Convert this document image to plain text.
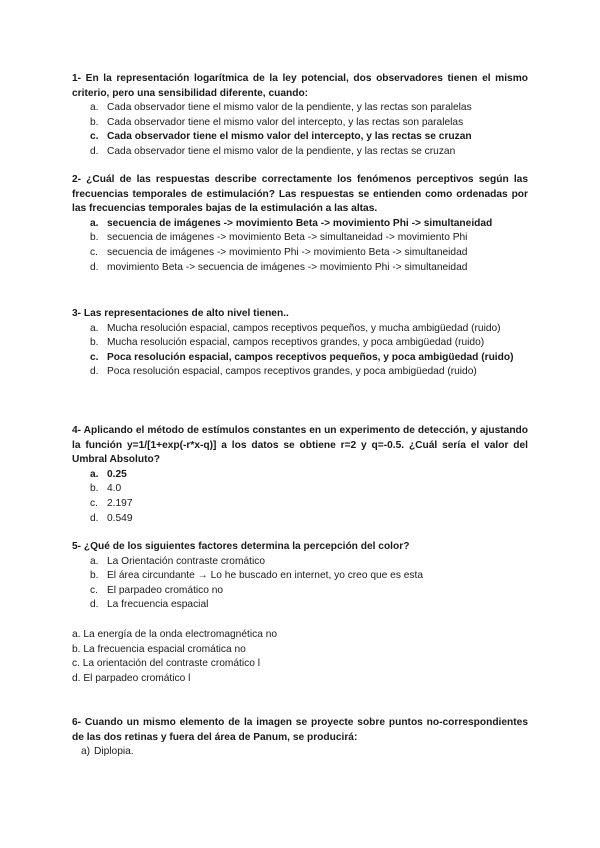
1- En la representación logarítmica de la ley potencial, dos observadores tienen el mismo criterio, pero una sensibilidad diferente, cuando:
a. Cada observador tiene el mismo valor de la pendiente, y las rectas son paralelas
b. Cada observador tiene el mismo valor del intercepto, y las rectas son paralelas
c. Cada observador tiene el mismo valor del intercepto, y las rectas se cruzan
d. Cada observador tiene el mismo valor de la pendiente, y las rectas se cruzan
2- ¿Cuál de las respuestas describe correctamente los fenómenos perceptivos según las frecuencias temporales de estimulación? Las respuestas se entienden como ordenadas por las frecuencias temporales bajas de la estimulación a las altas.
a. secuencia de imágenes -> movimiento Beta -> movimiento Phi -> simultaneidad
b. secuencia de imágenes -> movimiento Beta -> simultaneidad -> movimiento Phi
c. secuencia de imágenes -> movimiento Phi -> movimiento Beta -> simultaneidad
d. movimiento Beta -> secuencia de imágenes -> movimiento Phi -> simultaneidad
3- Las representaciones de alto nivel tienen..
a. Mucha resolución espacial, campos receptivos pequeños, y mucha ambigüedad (ruido)
b. Mucha resolución espacial, campos receptivos grandes, y poca ambigüedad (ruido)
c. Poca resolución espacial, campos receptivos pequeños, y poca ambigüedad (ruido)
d. Poca resolución espacial, campos receptivos grandes, y poca ambigüedad (ruido)
4- Aplicando el método de estímulos constantes en un experimento de detección, y ajustando la función y=1/[1+exp(-r*x-q)] a los datos se obtiene r=2 y q=-0.5. ¿Cuál sería el valor del Umbral Absoluto?
a. 0.25
b. 4.0
c. 2.197
d. 0.549
5- ¿Qué de los siguientes factores determina la percepción del color?
a. La Orientación contraste cromático
b. El área circundante → Lo he buscado en internet, yo creo que es esta
c. El parpadeo cromático no
d. La frecuencia espacial
a. La energía de la onda electromagnética no
b. La frecuencia espacial cromática no
c. La orientación del contraste cromático l
d. El parpadeo cromático l
6- Cuando un mismo elemento de la imagen se proyecte sobre puntos no-correspondientes de las dos retinas y fuera del área de Panum, se producirá:
a) Diplopia.
